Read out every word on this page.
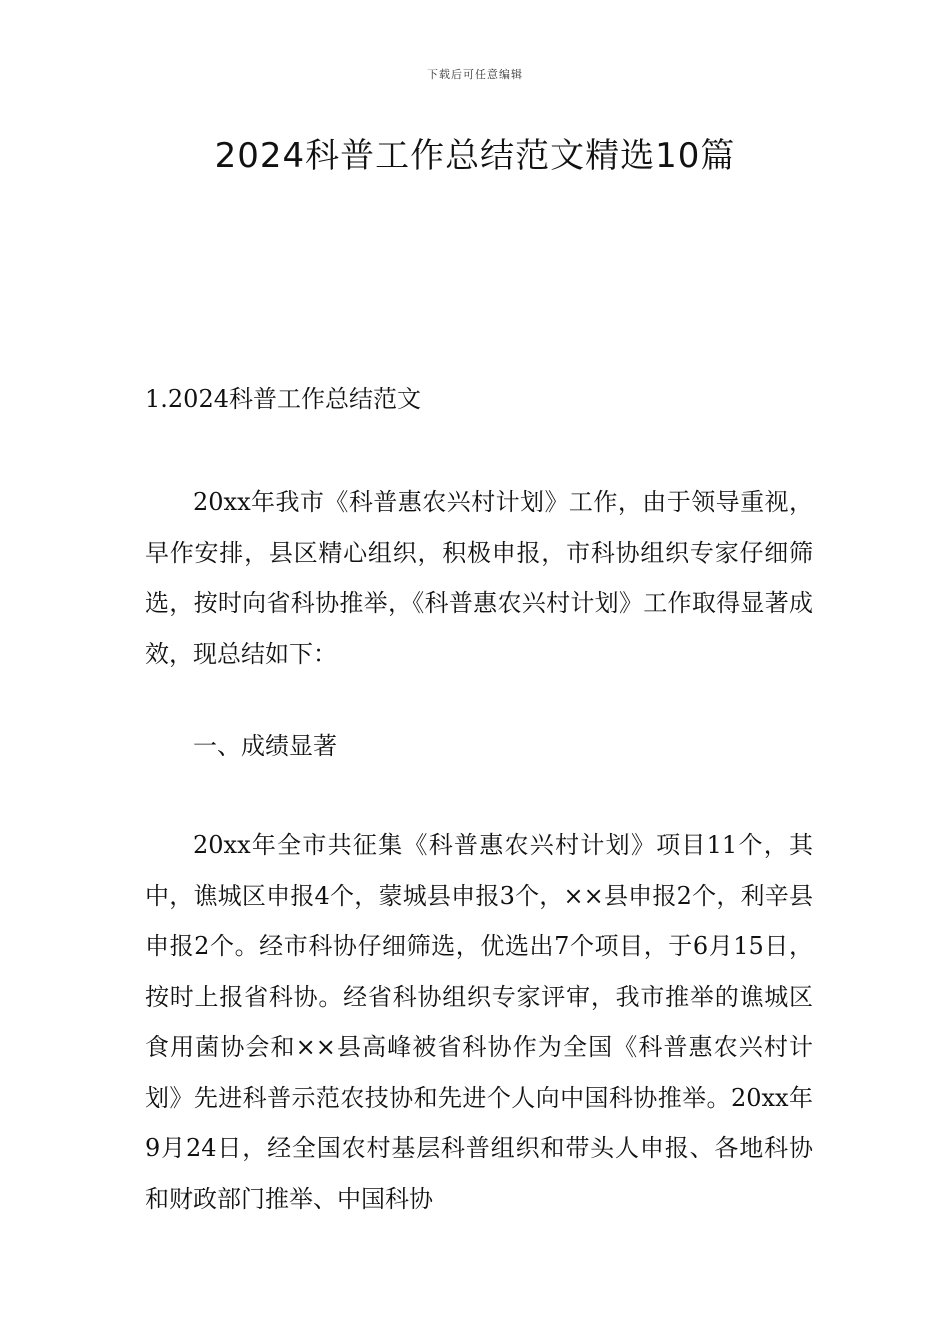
下载后可任意编辑
2024科普工作总结范文精选10篇
1.2024科普工作总结范文

20xx年我市《科普惠农兴村计划》工作，由于领导重视，早作安排，县区精心组织，积极申报，市科协组织专家仔细筛选，按时向省科协推举，《科普惠农兴村计划》工作取得显著成效，现总结如下：

一、成绩显著

20xx年全市共征集《科普惠农兴村计划》项目11个，其中，谯城区申报4个，蒙城县申报3个，××县申报2个，利辛县申报2个。经市科协仔细筛选，优选出7个项目，于6月15日，按时上报省科协。经省科协组织专家评审，我市推举的谯城区食用菌协会和××县高峰被省科协作为全国《科普惠农兴村计划》先进科普示范农技协和先进个人向中国科协推举。20xx年9月24日，经全国农村基层科普组织和带头人申报、各地科协和财政部门推举、中国科协
